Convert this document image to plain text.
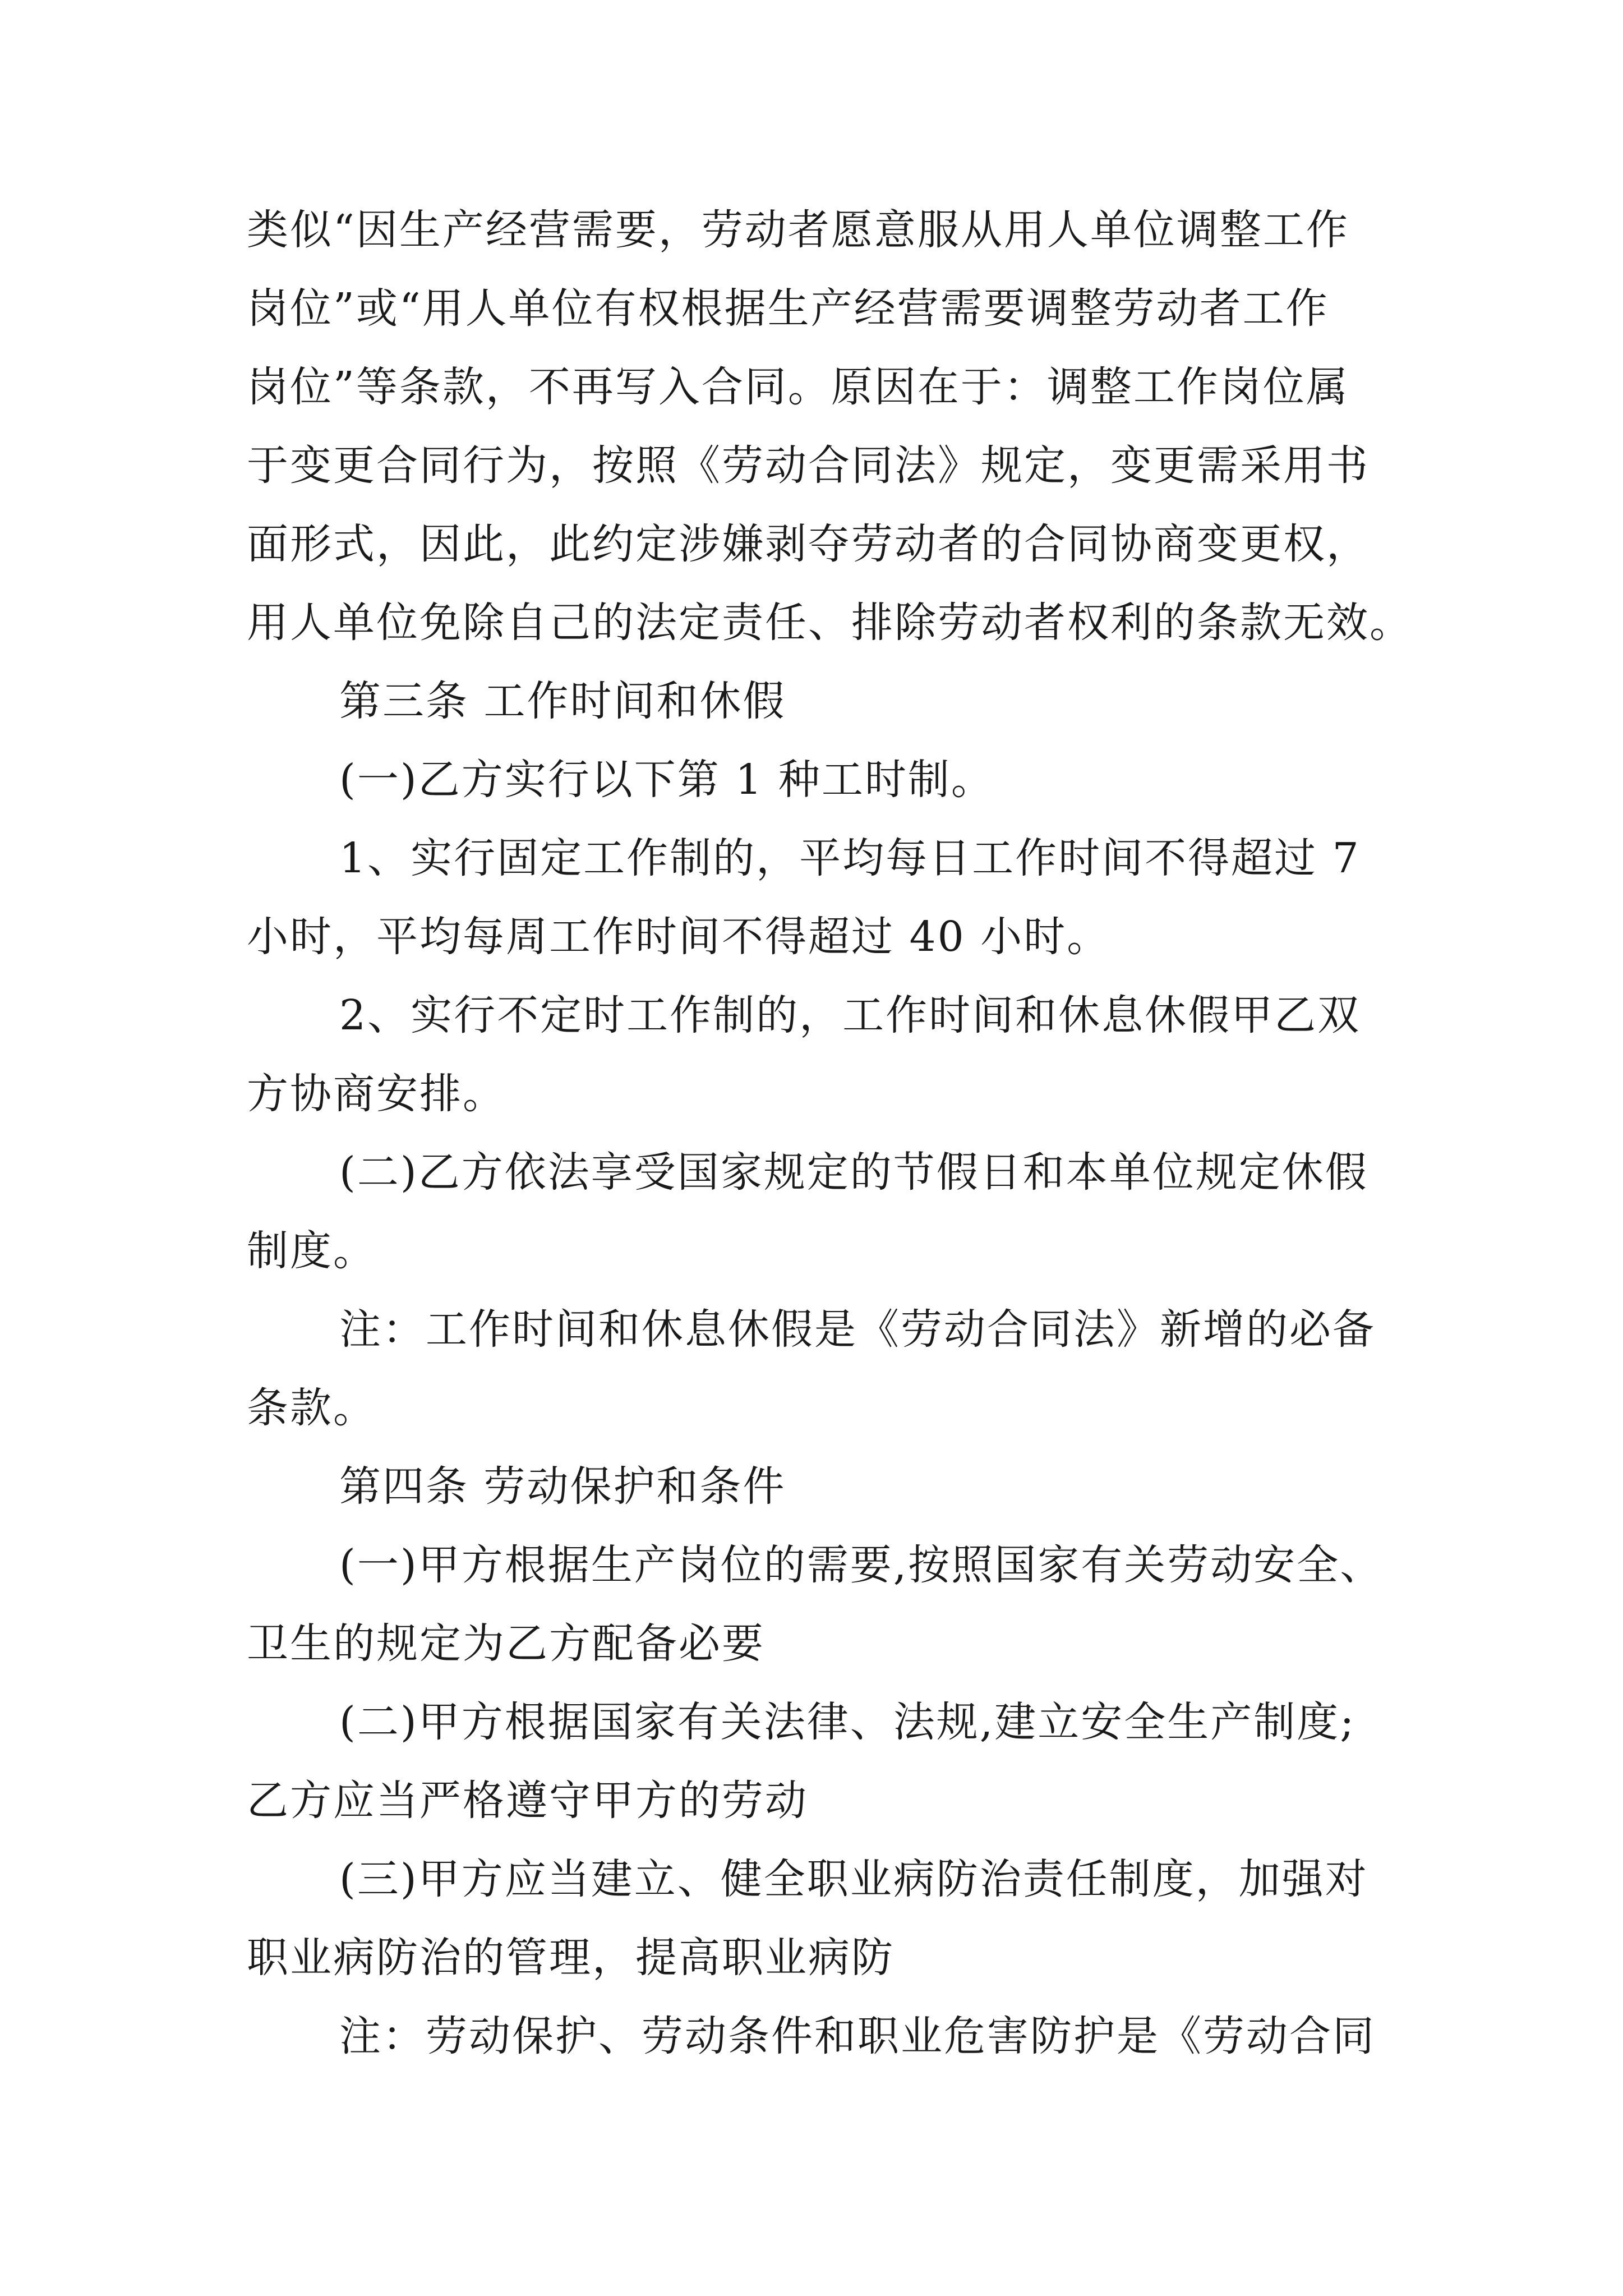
类似“因生产经营需要，劳动者愿意服从用人单位调整工作
岗位”或“用人单位有权根据生产经营需要调整劳动者工作
岗位”等条款，不再写入合同。原因在于：调整工作岗位属
于变更合同行为，按照《劳动合同法》规定，变更需采用书
面形式，因此，此约定涉嫌剥夺劳动者的合同协商变更权，
用人单位免除自己的法定责任、排除劳动者权利的条款无效。
第三条 工作时间和休假
(一)乙方实行以下第 1 种工时制。
1、实行固定工作制的，平均每日工作时间不得超过 7
小时，平均每周工作时间不得超过 40 小时。
2、实行不定时工作制的，工作时间和休息休假甲乙双
方协商安排。
(二)乙方依法享受国家规定的节假日和本单位规定休假
制度。
注：工作时间和休息休假是《劳动合同法》新增的必备
条款。
第四条 劳动保护和条件
(一)甲方根据生产岗位的需要,按照国家有关劳动安全、
卫生的规定为乙方配备必要
(二)甲方根据国家有关法律、法规,建立安全生产制度;
乙方应当严格遵守甲方的劳动
(三)甲方应当建立、健全职业病防治责任制度，加强对
职业病防治的管理，提高职业病防
注：劳动保护、劳动条件和职业危害防护是《劳动合同
